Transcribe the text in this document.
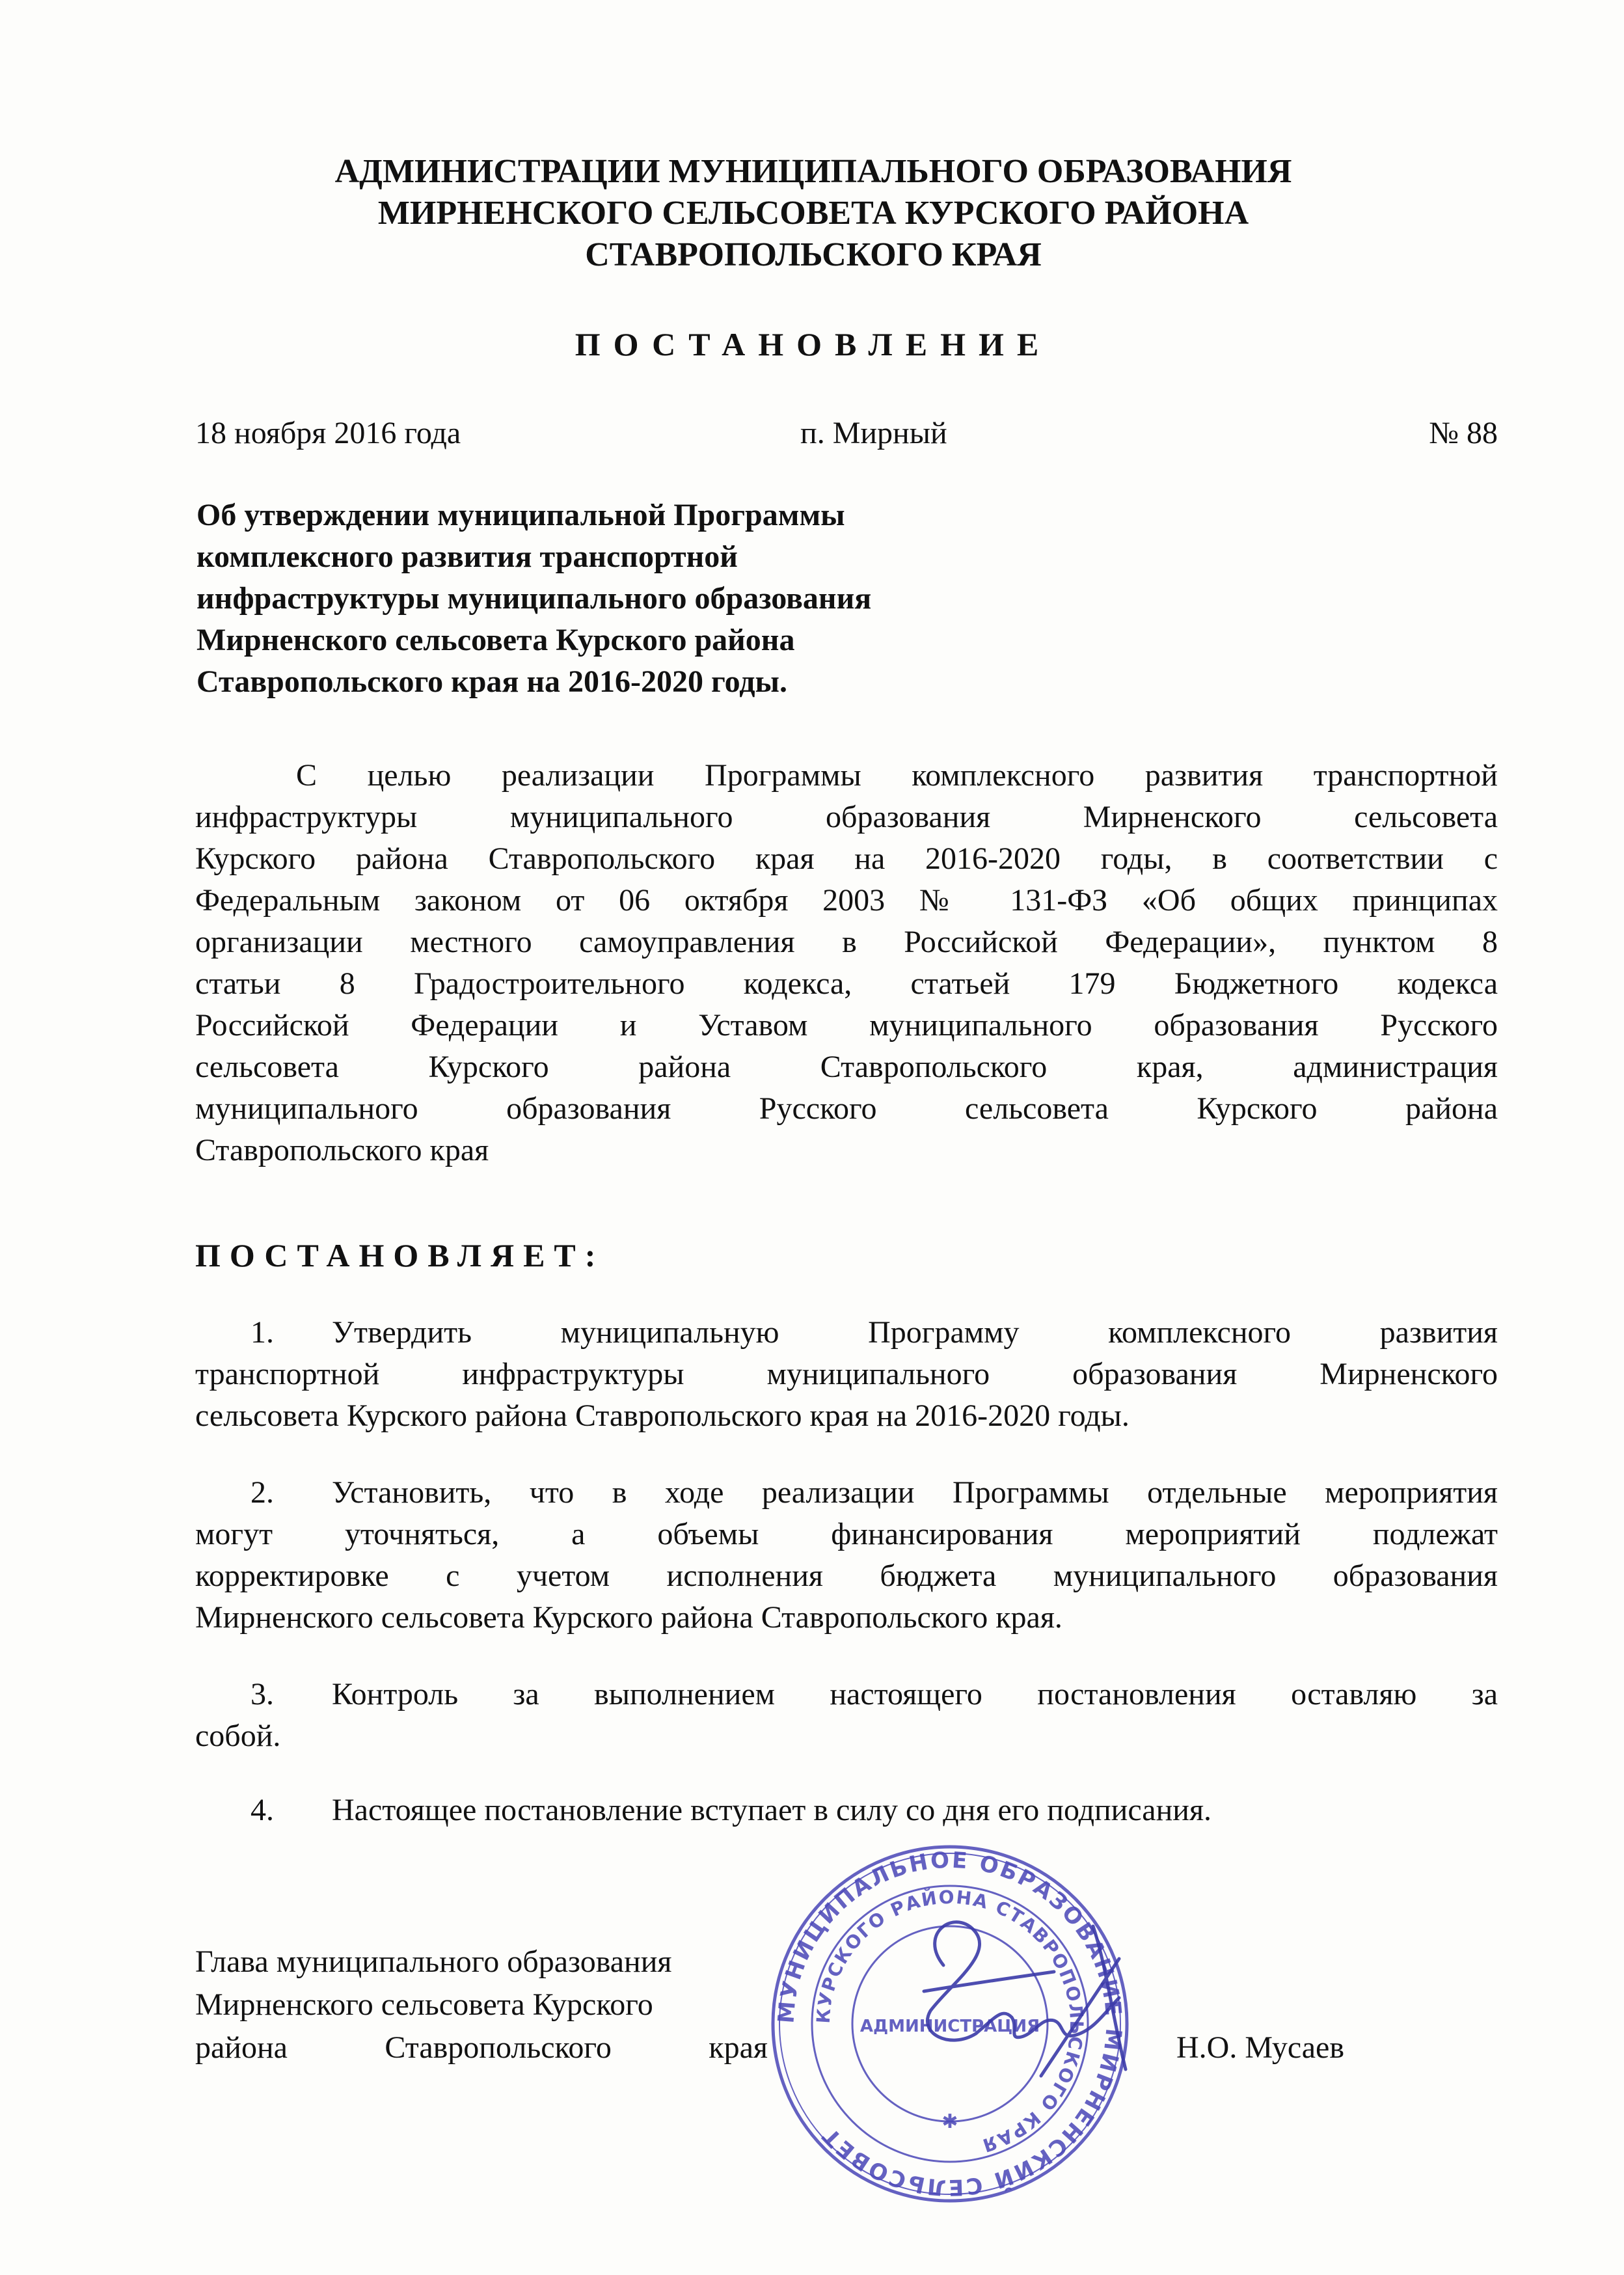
АДМИНИСТРАЦИИ МУНИЦИПАЛЬНОГО ОБРАЗОВАНИЯ
МИРНЕНСКОГО СЕЛЬСОВЕТА КУРСКОГО РАЙОНА
СТАВРОПОЛЬСКОГО КРАЯ
ПОСТАНОВЛЕНИЕ
18 ноября 2016 года	п. Мирный	№ 88
Об утверждении муниципальной Программы
комплексного развития транспортной
инфраструктуры муниципального образования
Мирненского сельсовета Курского района
Ставропольского края на 2016-2020 годы.
С целью реализации Программы комплексного развития транспортной
инфраструктуры муниципального образования Мирненского сельсовета
Курского района Ставропольского края на 2016-2020 годы, в соответствии с
Федеральным законом от 06 октября 2003 № 131-ФЗ «Об общих принципах
организации местного самоуправления в Российской Федерации», пунктом 8
статьи 8 Градостроительного кодекса, статьей 179 Бюджетного кодекса
Российской Федерации и Уставом муниципального образования Русского
сельсовета Курского района Ставропольского края, администрация
муниципального образования Русского сельсовета Курского района
Ставропольского края
ПОСТАНОВЛЯЕТ:
1.	Утвердить муниципальную Программу комплексного развития
транспортной инфраструктуры муниципального образования Мирненского
сельсовета Курского района Ставропольского края на 2016-2020 годы.
2.	Установить, что в ходе реализации Программы отдельные мероприятия
могут уточняться, а объемы финансирования мероприятий подлежат
корректировке с учетом исполнения бюджета муниципального образования
Мирненского сельсовета Курского района Ставропольского края.
3.	Контроль за выполнением настоящего постановления оставляю за
собой.
4.	Настоящее постановление вступает в силу со дня его подписания.
Глава муниципального образования
Мирненского сельсовета Курского
района Ставропольского края	Н.О. Мусаев
МУНИЦИПАЛЬНОЕ ОБРАЗОВАНИЕ МИРНЕНСКИЙ СЕЛЬСОВЕТ
КУРСКОГО РАЙОНА СТАВРОПОЛЬСКОГО КРАЯ
АДМИНИСТРАЦИЯ
✱
